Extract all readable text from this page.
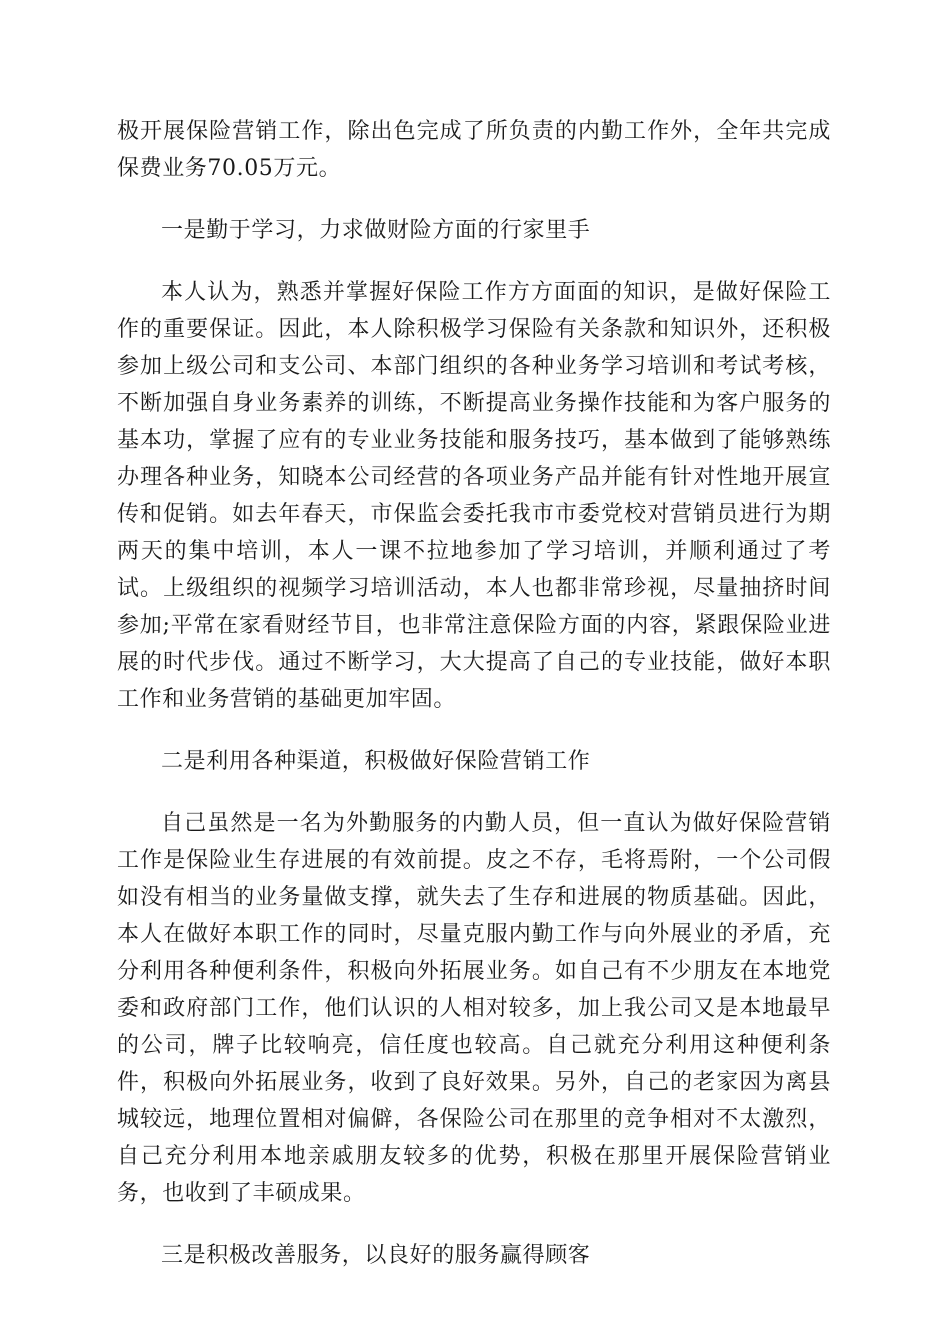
极开展保险营销工作，除出色完成了所负责的内勤工作外，全年共完成保费业务70.05万元。

一是勤于学习，力求做财险方面的行家里手

本人认为，熟悉并掌握好保险工作方方面面的知识，是做好保险工作的重要保证。因此，本人除积极学习保险有关条款和知识外，还积极参加上级公司和支公司、本部门组织的各种业务学习培训和考试考核，不断加强自身业务素养的训练，不断提高业务操作技能和为客户服务的基本功，掌握了应有的专业业务技能和服务技巧，基本做到了能够熟练办理各种业务，知晓本公司经营的各项业务产品并能有针对性地开展宣传和促销。如去年春天，市保监会委托我市市委党校对营销员进行为期两天的集中培训，本人一课不拉地参加了学习培训，并顺利通过了考试。上级组织的视频学习培训活动，本人也都非常珍视，尽量抽挤时间参加;平常在家看财经节目，也非常注意保险方面的内容，紧跟保险业进展的时代步伐。通过不断学习，大大提高了自己的专业技能，做好本职工作和业务营销的基础更加牢固。

二是利用各种渠道，积极做好保险营销工作

自己虽然是一名为外勤服务的内勤人员，但一直认为做好保险营销工作是保险业生存进展的有效前提。皮之不存，毛将焉附，一个公司假如没有相当的业务量做支撑，就失去了生存和进展的物质基础。因此，本人在做好本职工作的同时，尽量克服内勤工作与向外展业的矛盾，充分利用各种便利条件，积极向外拓展业务。如自己有不少朋友在本地党委和政府部门工作，他们认识的人相对较多，加上我公司又是本地最早的公司，牌子比较响亮，信任度也较高。自己就充分利用这种便利条件，积极向外拓展业务，收到了良好效果。另外，自己的老家因为离县城较远，地理位置相对偏僻，各保险公司在那里的竞争相对不太激烈，自己充分利用本地亲戚朋友较多的优势，积极在那里开展保险营销业务，也收到了丰硕成果。

三是积极改善服务，以良好的服务赢得顾客
